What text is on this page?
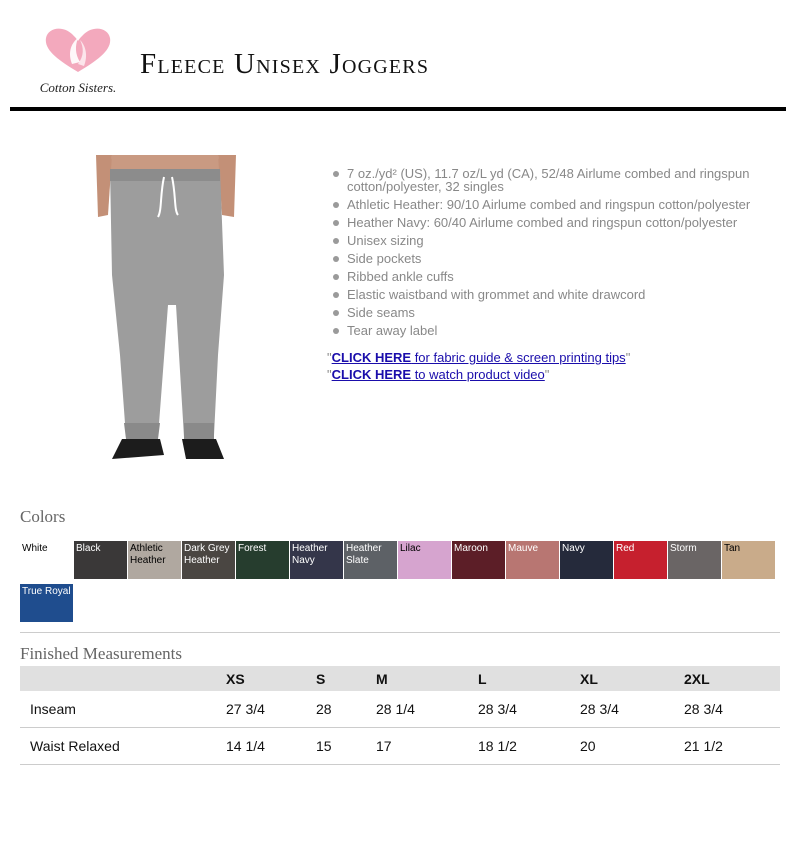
Cotton Sisters.
Fleece Unisex Joggers
7 oz./yd² (US), 11.7 oz/L yd (CA), 52/48 Airlume combed and ringspun cotton/polyester, 32 singles
Athletic Heather: 90/10 Airlume combed and ringspun cotton/polyester
Heather Navy: 60/40 Airlume combed and ringspun cotton/polyester
Unisex sizing
Side pockets
Ribbed ankle cuffs
Elastic waistband with grommet and white drawcord
Side seams
Tear away label
"CLICK HERE for fabric guide & screen printing tips"
"CLICK HERE to watch product video"
Colors
White	Black	Athletic Heather
Dark Grey Heather
Forest	Heather Navy
Heather Slate
Lilac	Maroon	Mauve	Navy	Red	Storm	Tan
True Royal
Finished Measurements
	XS	S	M	L	XL	2XL
Inseam	27 3/4	28	28 1/4	28 3/4	28 3/4	28 3/4
Waist Relaxed	14 1/4	15	17	18 1/2	20	21 1/2
